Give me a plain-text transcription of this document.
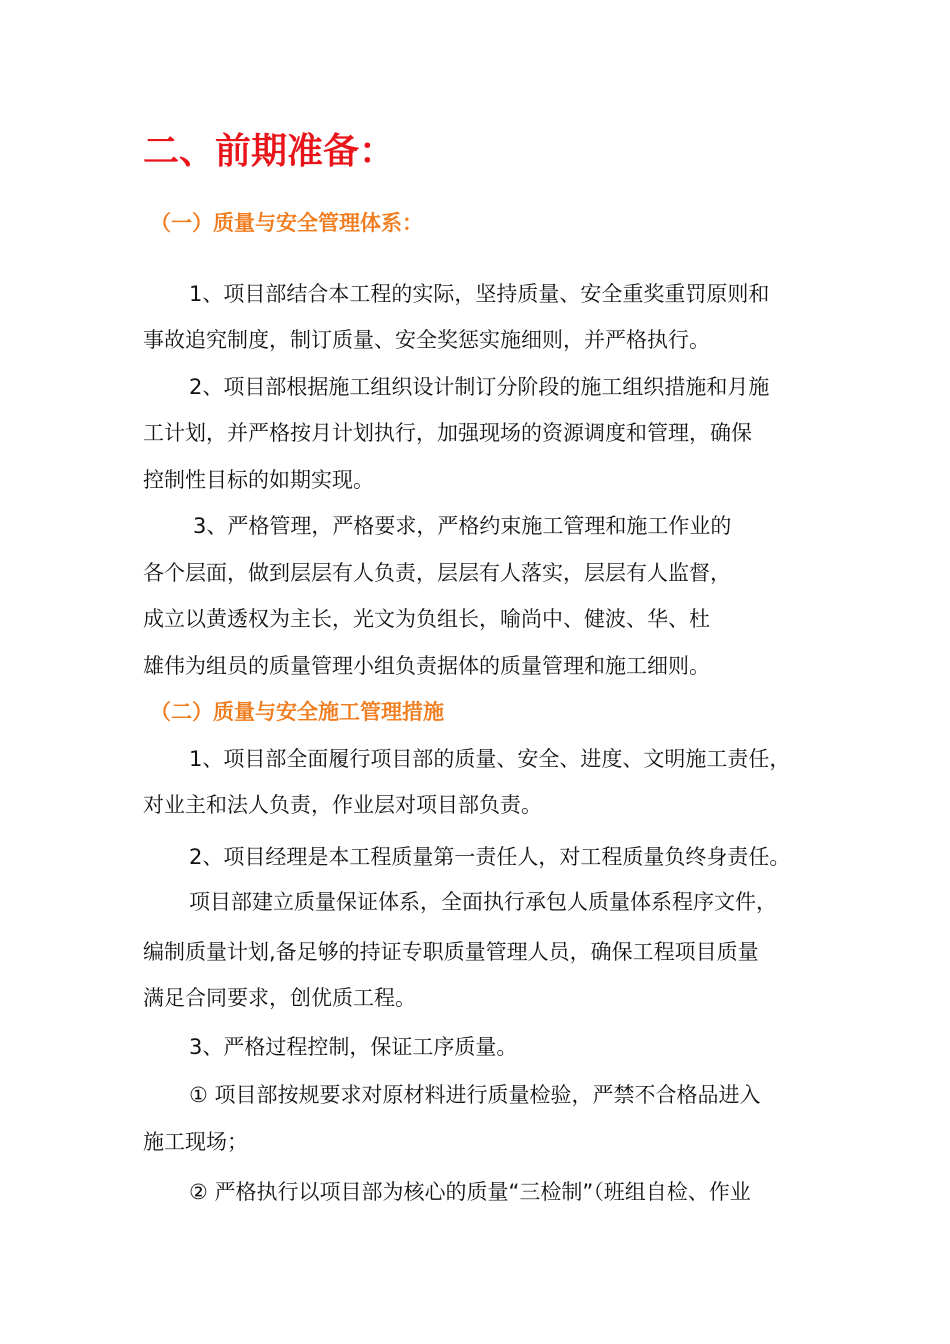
二、前期准备：
（一）质量与安全管理体系：
1、项目部结合本工程的实际，坚持质量、安全重奖重罚原则和
事故追究制度，制订质量、安全奖惩实施细则，并严格执行。
2、项目部根据施工组织设计制订分阶段的施工组织措施和月施
工计划，并严格按月计划执行，加强现场的资源调度和管理，确保
控制性目标的如期实现。
3、严格管理，严格要求，严格约束施工管理和施工作业的
各个层面，做到层层有人负责，层层有人落实，层层有人监督，
成立以黄透权为主长，光文为负组长，喻尚中、健波、华、杜
雄伟为组员的质量管理小组负责据体的质量管理和施工细则。
（二）质量与安全施工管理措施
1、项目部全面履行项目部的质量、安全、进度、文明施工责任，
对业主和法人负责，作业层对项目部负责。
2、项目经理是本工程质量第一责任人，对工程质量负终身责任。
项目部建立质量保证体系，全面执行承包人质量体系程序文件，
编制质量计划,备足够的持证专职质量管理人员，确保工程项目质量
满足合同要求，创优质工程。
3、严格过程控制，保证工序质量。
① 项目部按规要求对原材料进行质量检验，严禁不合格品进入
施工现场；
② 严格执行以项目部为核心的质量“三检制”（班组自检、作业
